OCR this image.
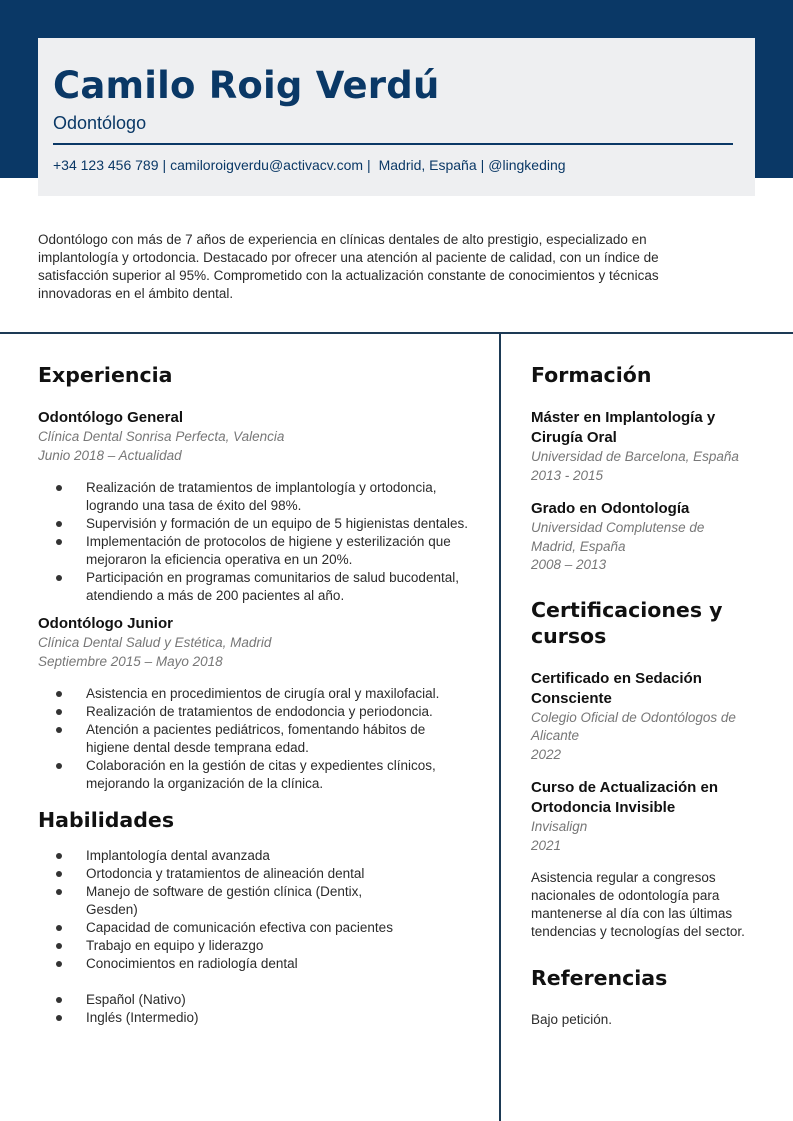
Camilo Roig Verdú
Odontólogo
+34 123 456 789 | camiloroigverdu@activacv.com | Madrid, España | @lingkeding

Odontólogo con más de 7 años de experiencia en clínicas dentales de alto prestigio, especializado en implantología y ortodoncia. Destacado por ofrecer una atención al paciente de calidad, con un índice de satisfacción superior al 95%. Comprometido con la actualización constante de conocimientos y técnicas innovadoras en el ámbito dental.

Experiencia
Odontólogo General
Clínica Dental Sonrisa Perfecta, Valencia
Junio 2018 – Actualidad
Realización de tratamientos de implantología y ortodoncia, logrando una tasa de éxito del 98%.
Supervisión y formación de un equipo de 5 higienistas dentales.
Implementación de protocolos de higiene y esterilización que mejoraron la eficiencia operativa en un 20%.
Participación en programas comunitarios de salud bucodental, atendiendo a más de 200 pacientes al año.
Odontólogo Junior
Clínica Dental Salud y Estética, Madrid
Septiembre 2015 – Mayo 2018
Asistencia en procedimientos de cirugía oral y maxilofacial.
Realización de tratamientos de endodoncia y periodoncia.
Atención a pacientes pediátricos, fomentando hábitos de higiene dental desde temprana edad.
Colaboración en la gestión de citas y expedientes clínicos, mejorando la organización de la clínica.
Habilidades
Implantología dental avanzada
Ortodoncia y tratamientos de alineación dental
Manejo de software de gestión clínica (Dentix, Gesden)
Capacidad de comunicación efectiva con pacientes
Trabajo en equipo y liderazgo
Conocimientos en radiología dental
Español (Nativo)
Inglés (Intermedio)
Formación
Máster en Implantología y Cirugía Oral
Universidad de Barcelona, España
2013 - 2015
Grado en Odontología
Universidad Complutense de Madrid, España
2008 – 2013
Certificaciones y cursos
Certificado en Sedación Consciente
Colegio Oficial de Odontólogos de Alicante
2022
Curso de Actualización en Ortodoncia Invisible
Invisalign
2021

Asistencia regular a congresos nacionales de odontología para mantenerse al día con las últimas tendencias y tecnologías del sector.

Referencias

Bajo petición.
